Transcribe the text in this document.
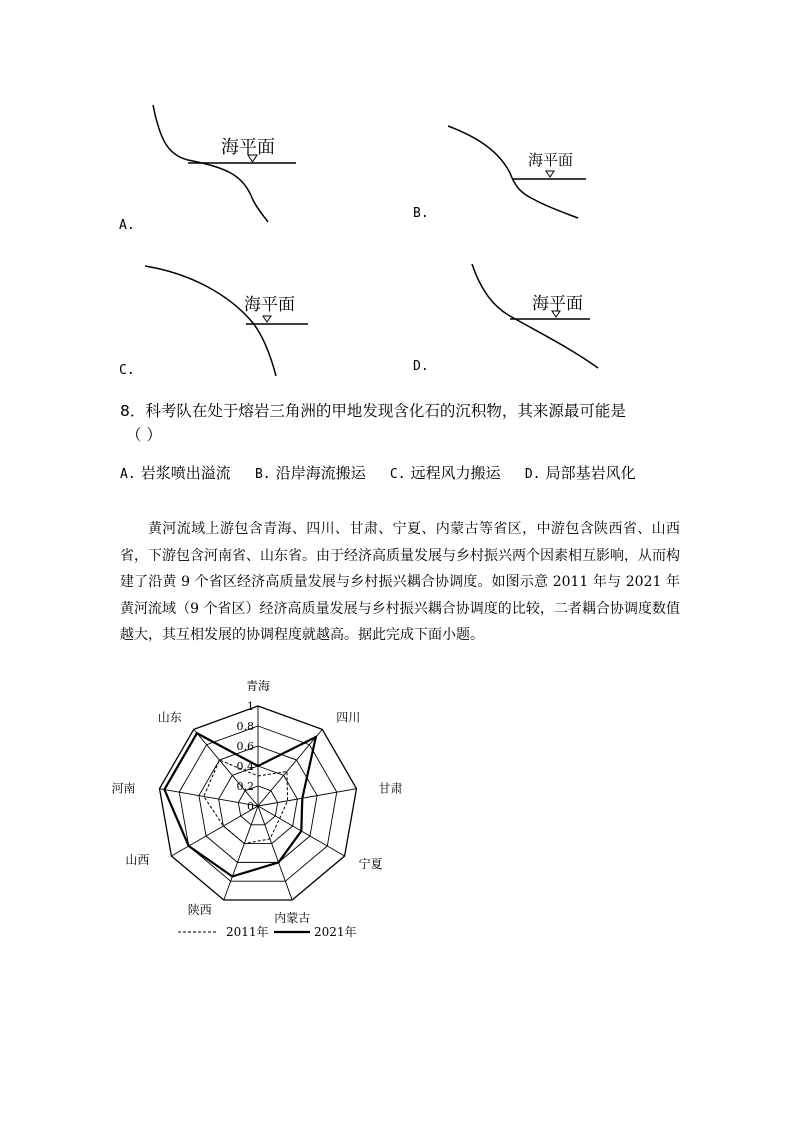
海平面
A.
海平面
B.
海平面
C.
海平面
D.
8．科考队在处于熔岩三角洲的甲地发现含化石的沉积物，其来源最可能是
（ ）
A. 岩浆喷出溢流 B. 沿岸海流搬运 C. 远程风力搬运 D. 局部基岩风化

黄河流域上游包含青海、四川、甘肃、宁夏、内蒙古等省区，中游包含陕西省、山西省，下游包含河南省、山东省。由于经济高质量发展与乡村振兴两个因素相互影响，从而构建了沿黄 9 个省区经济高质量发展与乡村振兴耦合协调度。如图示意 2011 年与 2021 年黄河流域（9 个省区）经济高质量发展与乡村振兴耦合协调度的比较，二者耦合协调度数值越大，其互相发展的协调程度就越高。据此完成下面小题。

0
0.2
0.4
0.6
0.8
1
青海
四川
甘肃
宁夏
内蒙古
陕西
山西
河南
山东
2011年	2021年
